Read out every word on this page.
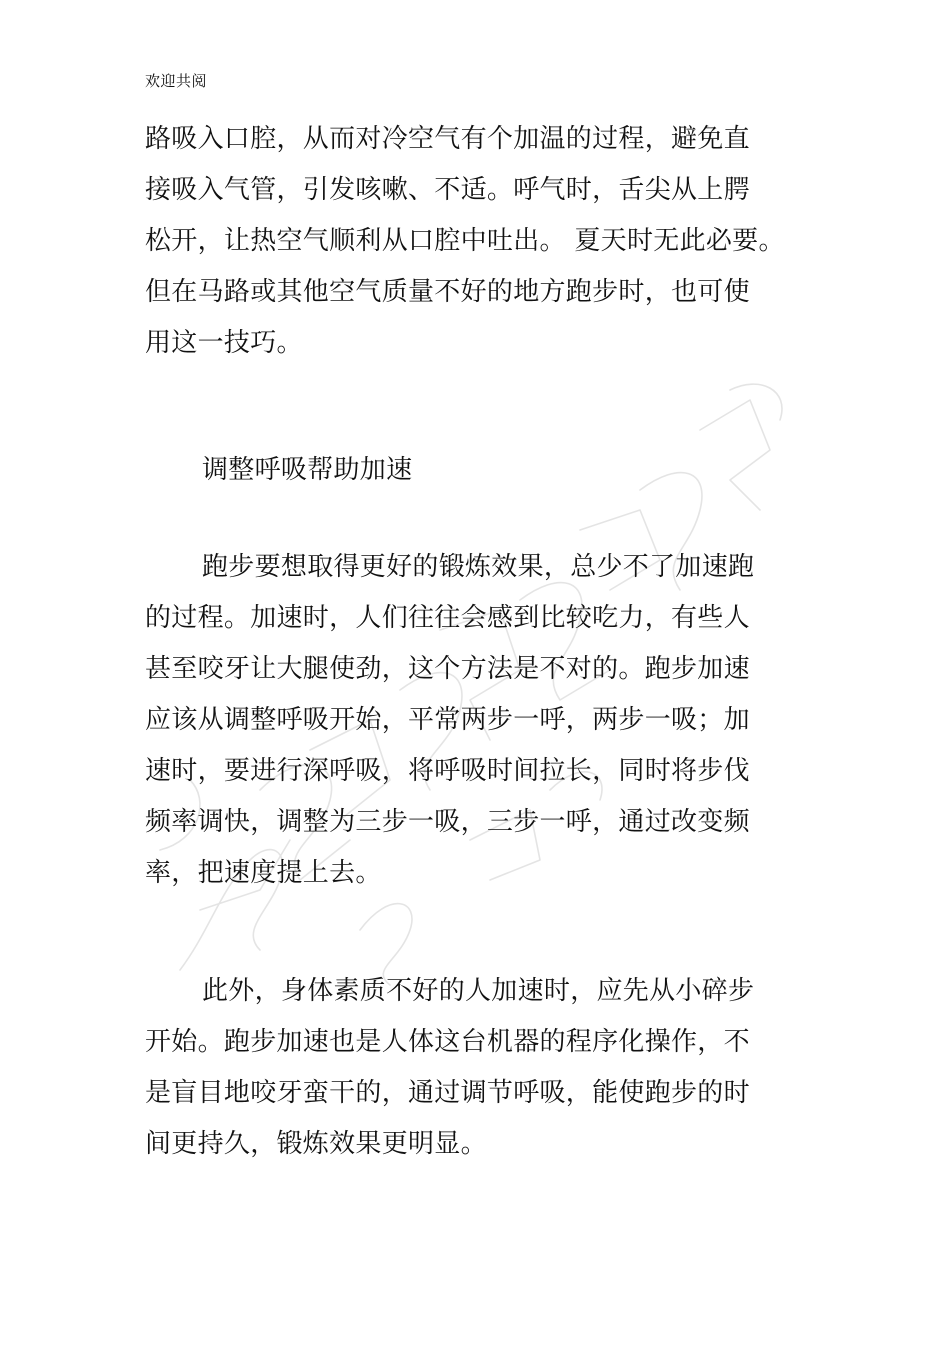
欢迎共阅
路吸入口腔，从而对冷空气有个加温的过程，避免直
接吸入气管，引发咳嗽、不适。呼气时，舌尖从上腭
松开，让热空气顺利从口腔中吐出。 夏天时无此必要。
但在马路或其他空气质量不好的地方跑步时，也可使
用这一技巧。
调整呼吸帮助加速
跑步要想取得更好的锻炼效果，总少不了加速跑
的过程。加速时，人们往往会感到比较吃力，有些人
甚至咬牙让大腿使劲，这个方法是不对的。跑步加速
应该从调整呼吸开始，平常两步一呼，两步一吸；加
速时，要进行深呼吸，将呼吸时间拉长，同时将步伐
频率调快，调整为三步一吸，三步一呼，通过改变频
率，把速度提上去。
此外，身体素质不好的人加速时，应先从小碎步
开始。跑步加速也是人体这台机器的程序化操作，不
是盲目地咬牙蛮干的，通过调节呼吸，能使跑步的时
间更持久，锻炼效果更明显。
